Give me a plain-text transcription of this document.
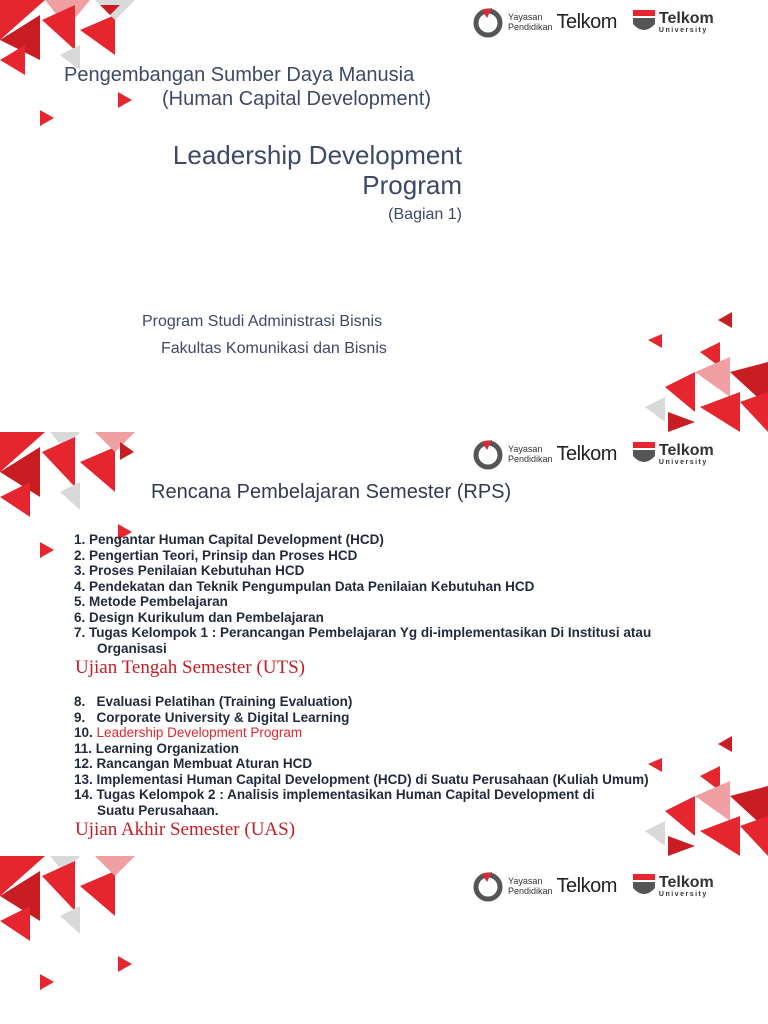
Yayasan
Pendidikan Telkom	Telkom
University
Pengembangan Sumber Daya Manusia
(Human Capital Development)
Leadership Development
Program
(Bagian 1)
Program Studi Administrasi Bisnis
Fakultas Komunikasi dan Bisnis
Yayasan
Pendidikan Telkom	Telkom
University
Rencana Pembelajaran Semester (RPS)
1. Pengantar Human Capital Development (HCD)
2. Pengertian Teori, Prinsip dan Proses HCD
3. Proses Penilaian Kebutuhan HCD
4. Pendekatan dan Teknik Pengumpulan Data Penilaian Kebutuhan HCD
5. Metode Pembelajaran
6. Design Kurikulum dan Pembelajaran
7. Tugas Kelompok 1 : Perancangan Pembelajaran Yg di-implementasikan Di Institusi atau
Organisasi
Ujian Tengah Semester (UTS)
8. Evaluasi Pelatihan (Training Evaluation)
9. Corporate University & Digital Learning
10. Leadership Development Program
11. Learning Organization
12. Rancangan Membuat Aturan HCD
13. Implementasi Human Capital Development (HCD) di Suatu Perusahaan (Kuliah Umum)
14. Tugas Kelompok 2 : Analisis implementasikan Human Capital Development di
Suatu Perusahaan.
Ujian Akhir Semester (UAS)
Yayasan
Pendidikan Telkom	Telkom
University
